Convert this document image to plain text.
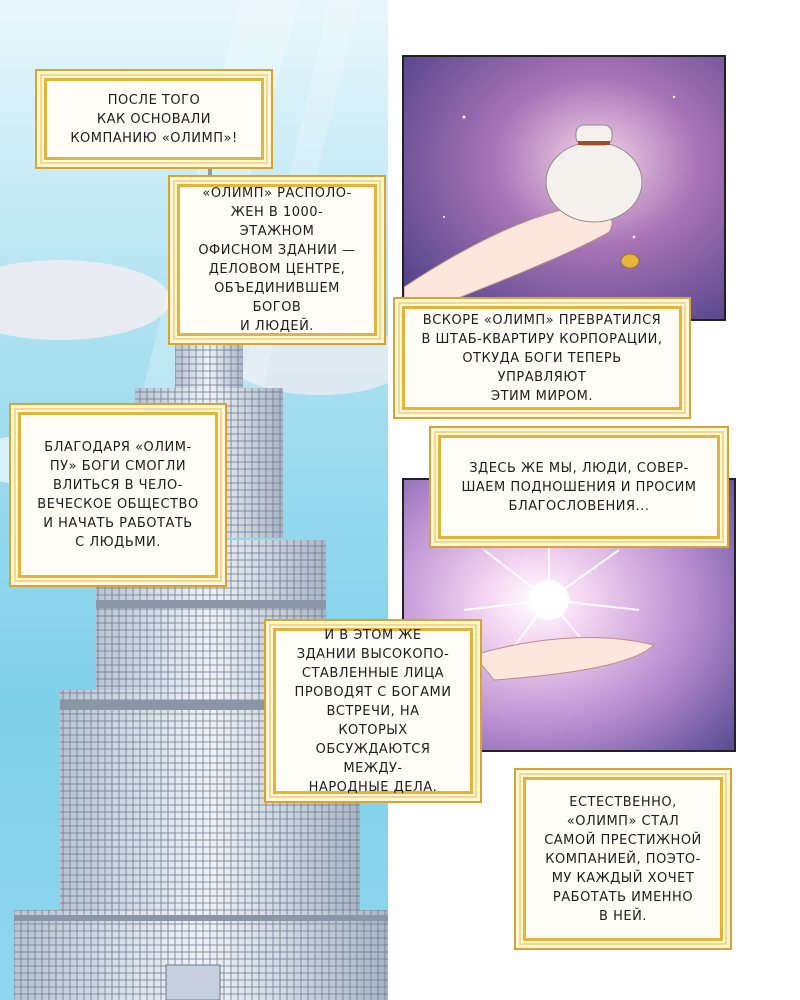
ПОСЛЕ ТОГО
КАК ОСНОВАЛИ
КОМПАНИЮ «ОЛИМП»!

«ОЛИМП» РАСПОЛО-
ЖЕН В 1000-ЭТАЖНОМ
ОФИСНОМ ЗДАНИИ —
ДЕЛОВОМ ЦЕНТРЕ,
ОБЪЕДИНИВШЕМ БОГОВ
И ЛЮДЕЙ.	ВСКОРЕ «ОЛИМП» ПРЕВРАТИЛСЯ
В ШТАБ-КВАРТИРУ КОРПОРАЦИИ,
ОТКУДА БОГИ ТЕПЕРЬ УПРАВЛЯЮТ
ЭТИМ МИРОМ.

БЛАГОДАРЯ «ОЛИМ-
ПУ» БОГИ СМОГЛИ
ВЛИТЬСЯ В ЧЕЛО-
ВЕЧЕСКОЕ ОБЩЕСТВО
И НАЧАТЬ РАБОТАТЬ
С ЛЮДЬМИ.

ЗДЕСЬ ЖЕ МЫ, ЛЮДИ, СОВЕР-
ШАЕМ ПОДНОШЕНИЯ И ПРОСИМ
БЛАГОСЛОВЕНИЯ...

И В ЭТОМ ЖЕ
ЗДАНИИ ВЫСОКОПО-
СТАВЛЕННЫЕ ЛИЦА
ПРОВОДЯТ С БОГАМИ
ВСТРЕЧИ, НА КОТОРЫХ
ОБСУЖДАЮТСЯ МЕЖДУ-
НАРОДНЫЕ ДЕЛА.

ЕСТЕСТВЕННО,
«ОЛИМП» СТАЛ
САМОЙ ПРЕСТИЖНОЙ
КОМПАНИЕЙ, ПОЭТО-
МУ КАЖДЫЙ ХОЧЕТ
РАБОТАТЬ ИМЕННО
В НЕЙ.
